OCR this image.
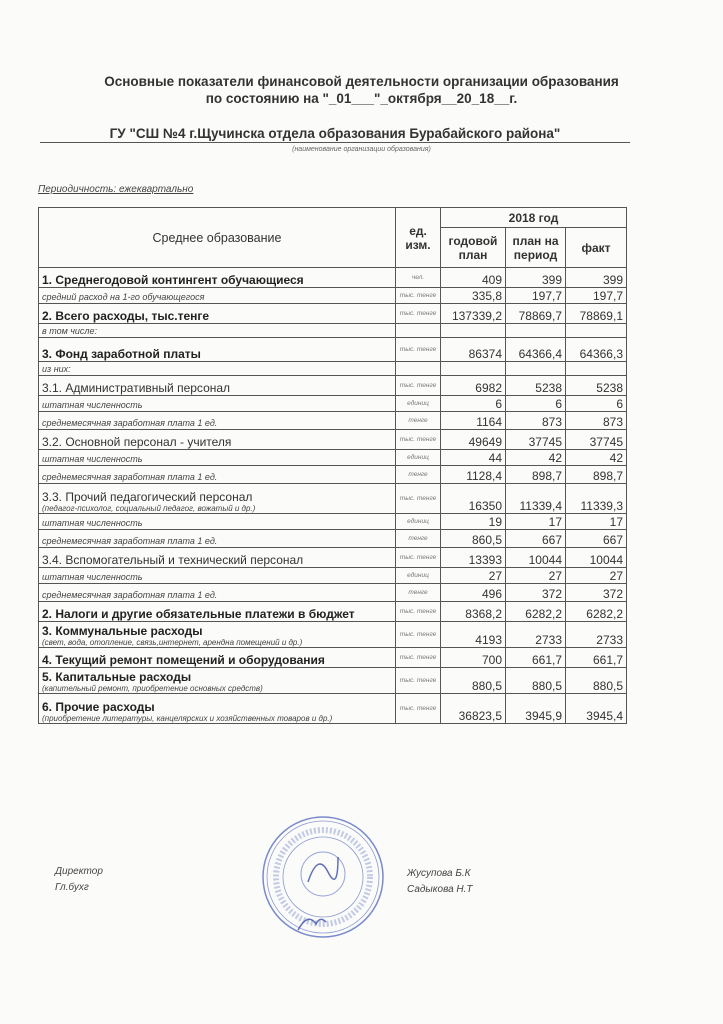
Основные показатели финансовой деятельности организации образования
по состоянию на "_01___"_октября__20_18__г.
ГУ "СШ №4 г.Щучинска отдела образования Бурабайского района"
(наименование организации образования)
Периодичность: ежеквартально
Среднее образование	ед. изм.	2018 год		
		годовой план	план на период	факт
1. Среднегодовой контингент обучающиеся	чел.	409	399	399
средний расход на 1-го обучающегося	тыс. тенге	335,8	197,7	197,7
2. Всего расходы, тыс.тенге	тыс. тенге	137339,2	78869,7	78869,1
в том числе:				
3. Фонд заработной платы	тыс. тенге	86374	64366,4	64366,3
из них:				
3.1. Административный персонал	тыс. тенге	6982	5238	5238
штатная численность	единиц	6	6	6
среднемесячная заработная плата 1 ед.	тенге	1164	873	873
3.2. Основной персонал - учителя	тыс. тенге	49649	37745	37745
штатная численность	единиц	44	42	42
среднемесячная заработная плата 1 ед.	тенге	1128,4	898,7	898,7
3.3. Прочий педагогический персонал
(педагог-психолог, социальный педагог, вожатый и др.)	тыс. тенге	16350	11339,4	11339,3
штатная численность	единиц	19	17	17
среднемесячная заработная плата 1 ед.	тенге	860,5	667	667
3.4. Вспомогательный и технический персонал	тыс. тенге	13393	10044	10044
штатная численность	единиц	27	27	27
среднемесячная заработная плата 1 ед.	тенге	496	372	372
2. Налоги и другие обязательные платежи в бюджет	тыс. тенге	8368,2	6282,2	6282,2
3. Коммунальные расходы
(свет, вода, отопление, связь,интернет, арендна помещений и др.)	тыс. тенге	4193	2733	2733
4. Текущий ремонт помещений и оборудования	тыс. тенге	700	661,7	661,7
5. Капитальные расходы
(капительный ремонт, приобретение основных средств)	тыс. тенге	880,5	880,5	880,5
6. Прочие расходы
(приобретение литературы, канцелярских и хозяйственных товаров и др.)	тыс. тенге	36823,5	3945,9	3945,4
Директор
Гл.бухг
Жусупова Б.К
Садыкова Н.Т
